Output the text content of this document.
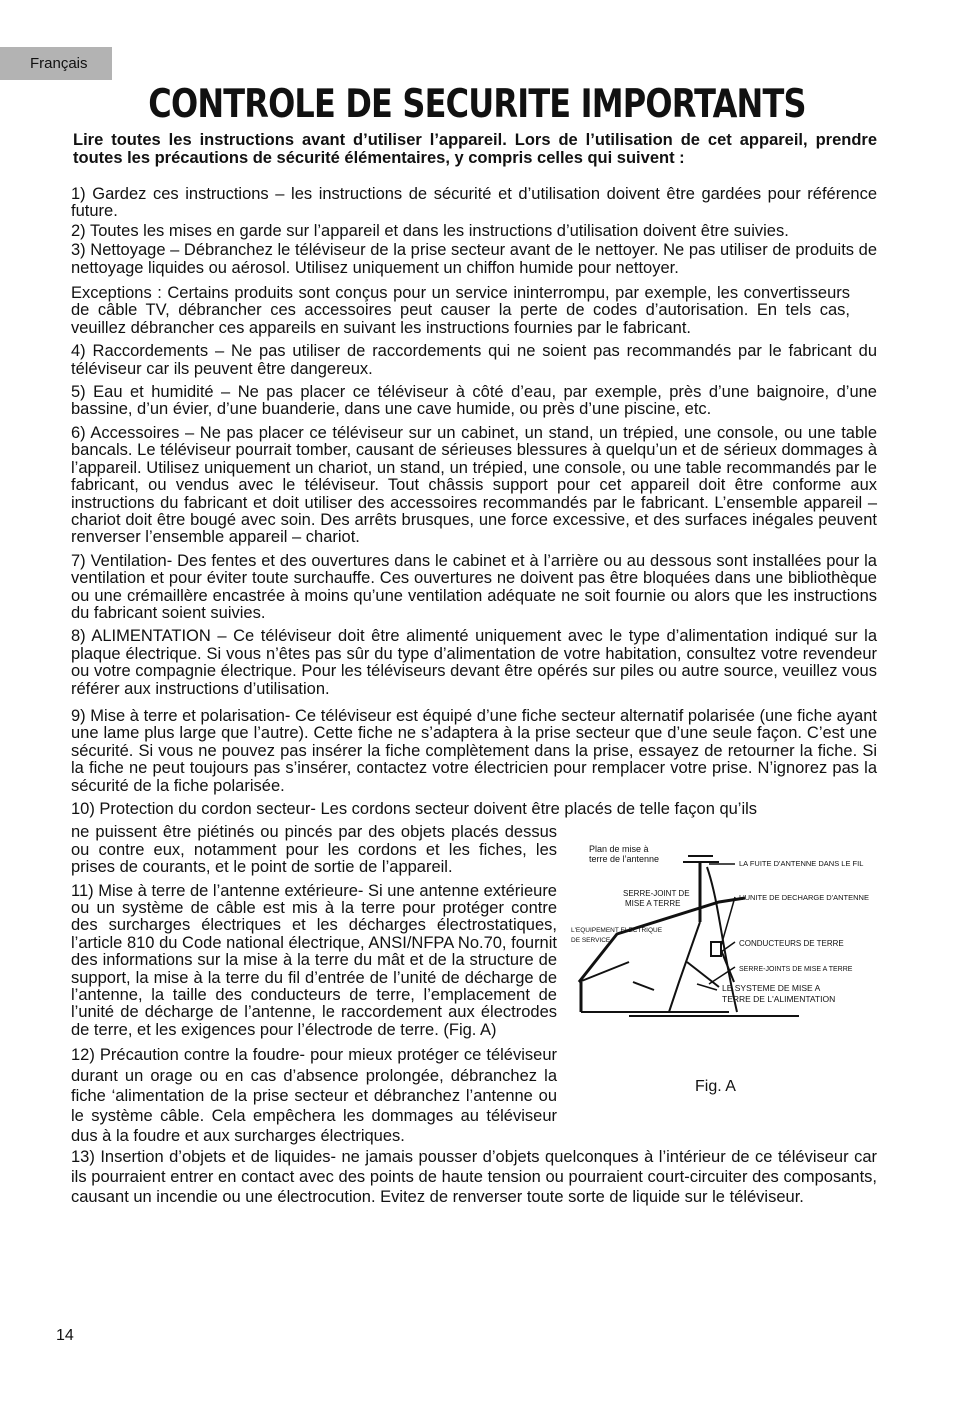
Français
CONTROLE DE SECURITE IMPORTANTS
Lire toutes les instructions avant d’utiliser l’appareil. Lors de l’utilisation de cet appareil, prendre toutes les précautions de sécurité élémentaires, y compris celles qui suivent :

1) Gardez ces instructions – les instructions de sécurité et d’utilisation doivent être gardées pour référence future.

2) Toutes les mises en garde sur l’appareil et dans les instructions d’utilisation doivent être suivies.

3) Nettoyage – Débranchez le téléviseur de la prise secteur avant de le nettoyer. Ne pas utiliser de produits de nettoyage liquides ou aérosol. Utilisez uniquement un chiffon humide pour nettoyer.

Exceptions : Certains produits sont conçus pour un service ininterrompu, par exemple, les convertisseurs de câble TV, débrancher ces accessoires peut causer la perte de codes d’autorisation. En tels cas, veuillez débrancher ces appareils en suivant les instructions fournies par le fabricant.

4) Raccordements – Ne pas utiliser de raccordements qui ne soient pas recommandés par le fabricant du téléviseur car ils peuvent être dangereux.

5) Eau et humidité – Ne pas placer ce téléviseur à côté d’eau, par exemple, près d’une baignoire, d’une bassine, d’un évier, d’une buanderie, dans une cave humide, ou près d’une piscine, etc.

6) Accessoires – Ne pas placer ce téléviseur sur un cabinet, un stand, un trépied, une console, ou une table bancals. Le téléviseur pourrait tomber, causant de sérieuses blessures à quelqu’un et de sérieux dommages à l’appareil. Utilisez uniquement un chariot, un stand, un trépied, une console, ou une table recommandés par le fabricant, ou vendus avec le téléviseur. Tout châssis support pour cet appareil doit être conforme aux instructions du fabricant et doit utiliser des accessoires recommandés par le fabricant. L’ensemble appareil – chariot doit être bougé avec soin. Des arrêts brusques, une force excessive, et des surfaces inégales peuvent renverser l’ensemble appareil – chariot.

7) Ventilation- Des fentes et des ouvertures dans le cabinet et à l’arrière ou au dessous sont installées pour la ventilation et pour éviter toute surchauffe. Ces ouvertures ne doivent pas être bloquées dans une bibliothèque ou une crémaillère encastrée à moins qu’une ventilation adéquate ne soit fournie ou alors que les instructions du fabricant soient suivies.

8) ALIMENTATION – Ce téléviseur doit être alimenté uniquement avec le type d’alimentation indiqué sur la plaque électrique. Si vous n’êtes pas sûr du type d’alimentation de votre habitation, consultez votre revendeur ou votre compagnie électrique. Pour les téléviseurs devant être opérés sur piles ou autre source, veuillez vous référer aux instructions d’utilisation.

9) Mise à terre et polarisation- Ce téléviseur est équipé d’une fiche secteur alternatif polarisée (une fiche ayant une lame plus large que l’autre). Cette fiche ne s’adaptera à la prise secteur que d’une seule façon. C’est une sécurité. Si vous ne pouvez pas insérer la fiche complètement dans la prise, essayez de retourner la fiche. Si la fiche ne peut toujours pas s’insérer, contactez votre électricien pour remplacer votre prise. N’ignorez pas la sécurité de la fiche polarisée.

10) Protection du cordon secteur- Les cordons secteur doivent être placés de telle façon qu’ils

Plan de mise à
terre de l’antenne	LA FUITE D'ANTENNE DANS LE FIL
SERRE-JOINT DE
MISE A TERRE
L'UNITE DE DECHARGE D'ANTENNE
L'EQUIPEMENT ELECTRIQUE
DE SERVICE	CONDUCTEURS DE TERRE
SERRE-JOINTS DE MISE A TERRE
LE SYSTEME DE MISE A
TERRE DE L'ALIMENTATION
Fig. A

ne puissent être piétinés ou pincés par des objets placés dessus ou contre eux, notamment pour les cordons et les fiches, les prises de courants, et le point de sortie de l’appareil.

11) Mise à terre de l’antenne extérieure- Si une antenne extérieure ou un système de câble est mis à la terre pour protéger contre des surcharges électriques et les décharges électrostatiques, l’article 810 du Code national électrique, ANSI/NFPA No.70, fournit des informations sur la mise à la terre du mât et de la structure de support, la mise à la terre du fil d’entrée de l’unité de décharge de l’antenne, la taille des conducteurs de terre, l’emplacement de l’unité de décharge de l’antenne, le raccordement aux électrodes de terre, et les exigences pour l’électrode de terre. (Fig. A)

12) Précaution contre la foudre- pour mieux protéger ce téléviseur durant un orage ou en cas d’absence prolongée, débranchez la fiche ‘alimentation de la prise secteur et débranchez l’antenne ou le système câble. Cela empêchera les dommages au téléviseur dus à la foudre et aux surcharges électriques.

13) Insertion d’objets et de liquides- ne jamais pousser d’objets quelconques à l’intérieur de ce téléviseur car ils pourraient entrer en contact avec des points de haute tension ou pourraient court-circuiter des composants, causant un incendie ou une électrocution. Evitez de renverser toute sorte de liquide sur le téléviseur.

14
